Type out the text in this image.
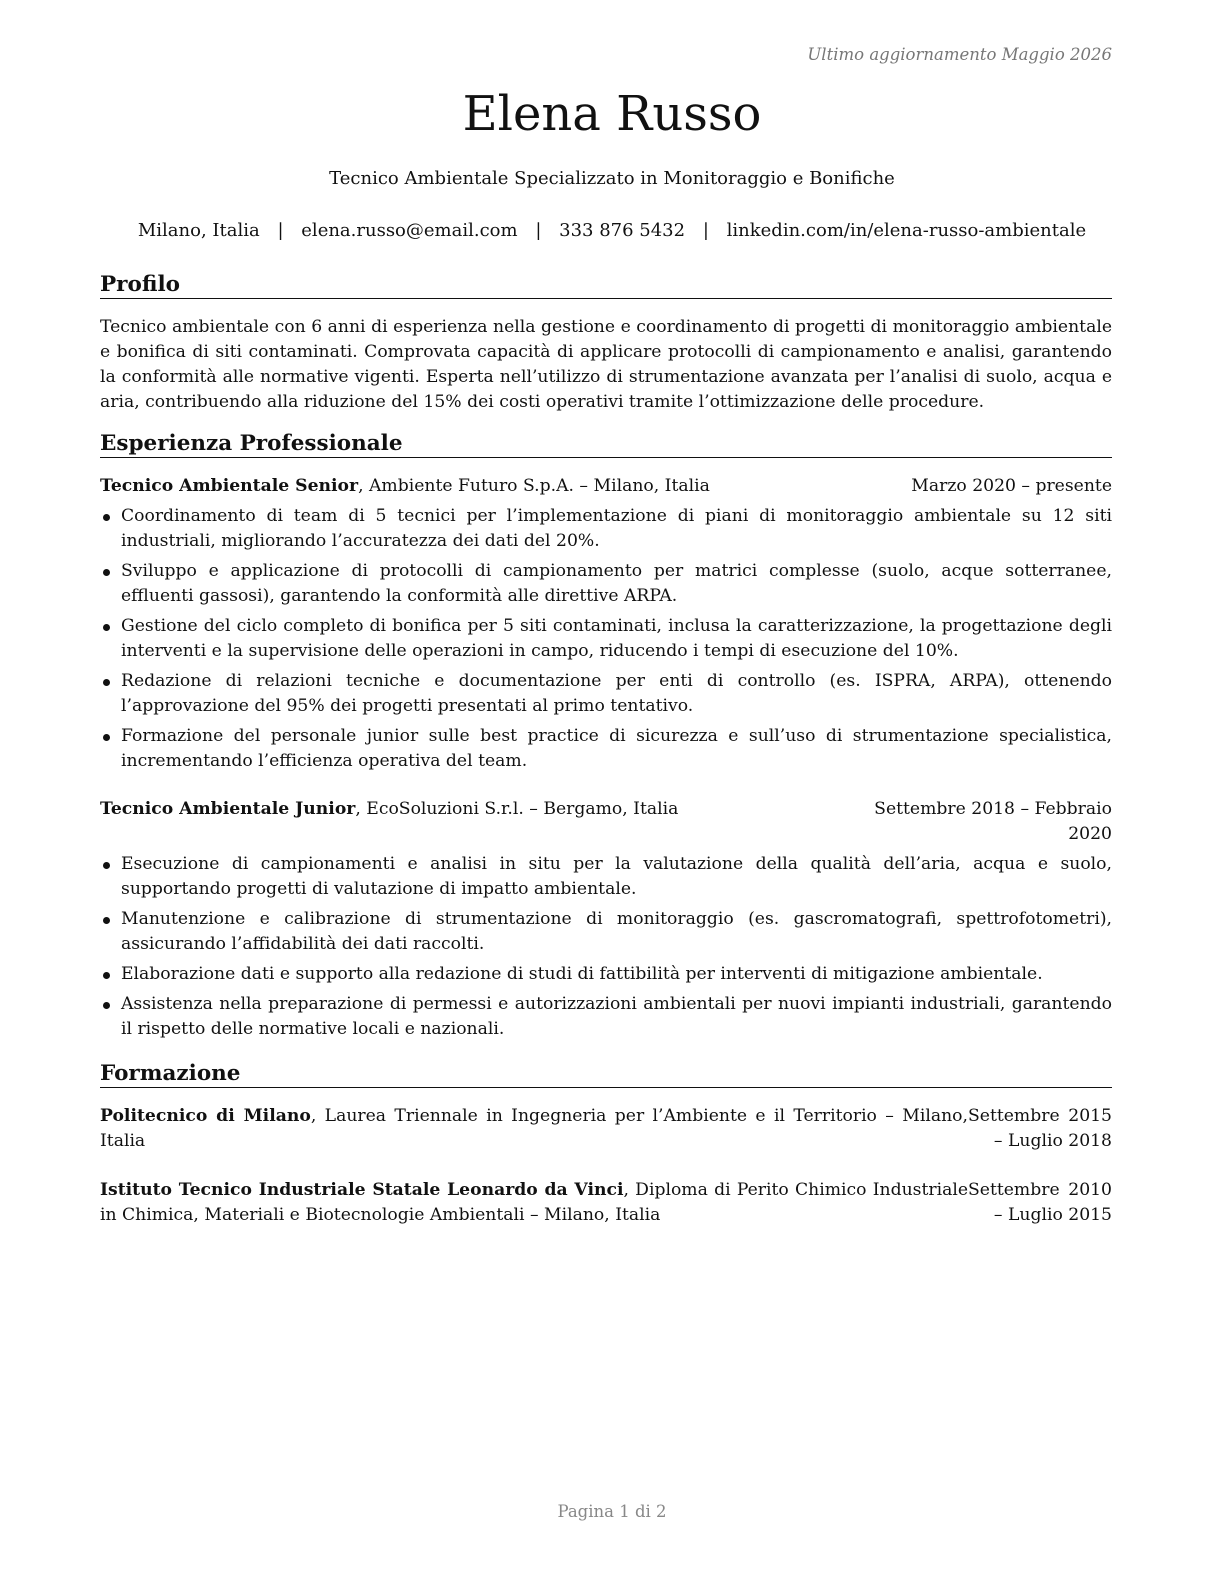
Ultimo aggiornamento Maggio 2026
Elena Russo
Tecnico Ambientale Specializzato in Monitoraggio e Bonifiche
Milano, Italia | elena.russo@email.com | 333 876 5432 | linkedin.com/in/elena-russo-ambientale
Profilo

Tecnico ambientale con 6 anni di esperienza nella gestione e coordinamento di progetti di monitoraggio ambientale e bonifica di siti contaminati. Comprovata capacità di applicare protocolli di campionamento e analisi, garantendo la conformità alle normative vigenti. Esperta nell’utilizzo di strumentazione avanzata per l’analisi di suolo, acqua e aria, contribuendo alla riduzione del 15% dei costi operativi tramite l’ottimizzazione delle procedure.

Esperienza Professionale
Tecnico Ambientale Senior, Ambiente Futuro S.p.A. – Milano, Italia	Marzo 2020 – presente
Coordinamento di team di 5 tecnici per l’implementazione di piani di monitoraggio ambientale su 12 siti industriali, migliorando l’accuratezza dei dati del 20%.
Sviluppo e applicazione di protocolli di campionamento per matrici complesse (suolo, acque sotterranee, effluenti gassosi), garantendo la conformità alle direttive ARPA.
Gestione del ciclo completo di bonifica per 5 siti contaminati, inclusa la caratterizzazione, la progettazione degli interventi e la supervisione delle operazioni in campo, riducendo i tempi di esecuzione del 10%.
Redazione di relazioni tecniche e documentazione per enti di controllo (es. ISPRA, ARPA), ottenendo l’approvazione del 95% dei progetti presentati al primo tentativo.
Formazione del personale junior sulle best practice di sicurezza e sull’uso di strumentazione specialistica, incrementando l’efficienza operativa del team.
Tecnico Ambientale Junior, EcoSoluzioni S.r.l. – Bergamo, Italia	Settembre 2018 – Febbraio 2020
Esecuzione di campionamenti e analisi in situ per la valutazione della qualità dell’aria, acqua e suolo, supportando progetti di valutazione di impatto ambientale.
Manutenzione e calibrazione di strumentazione di monitoraggio (es. gascromatografi, spettrofotometri), assicurando l’affidabilità dei dati raccolti.
Elaborazione dati e supporto alla redazione di studi di fattibilità per interventi di mitigazione ambientale.
Assistenza nella preparazione di permessi e autorizzazioni ambientali per nuovi impianti industriali, garantendo il rispetto delle normative locali e nazionali.
Formazione
Politecnico di Milano, Laurea Triennale in Ingegneria per l’Ambiente e il Territorio – Milano, Italia
Settembre 2015 – Luglio 2018
Istituto Tecnico Industriale Statale Leonardo da Vinci, Diploma di Perito Chimico Industriale in Chimica, Materiali e Biotecnologie Ambientali – Milano, Italia
Settembre 2010 – Luglio 2015
Pagina 1 di 2
